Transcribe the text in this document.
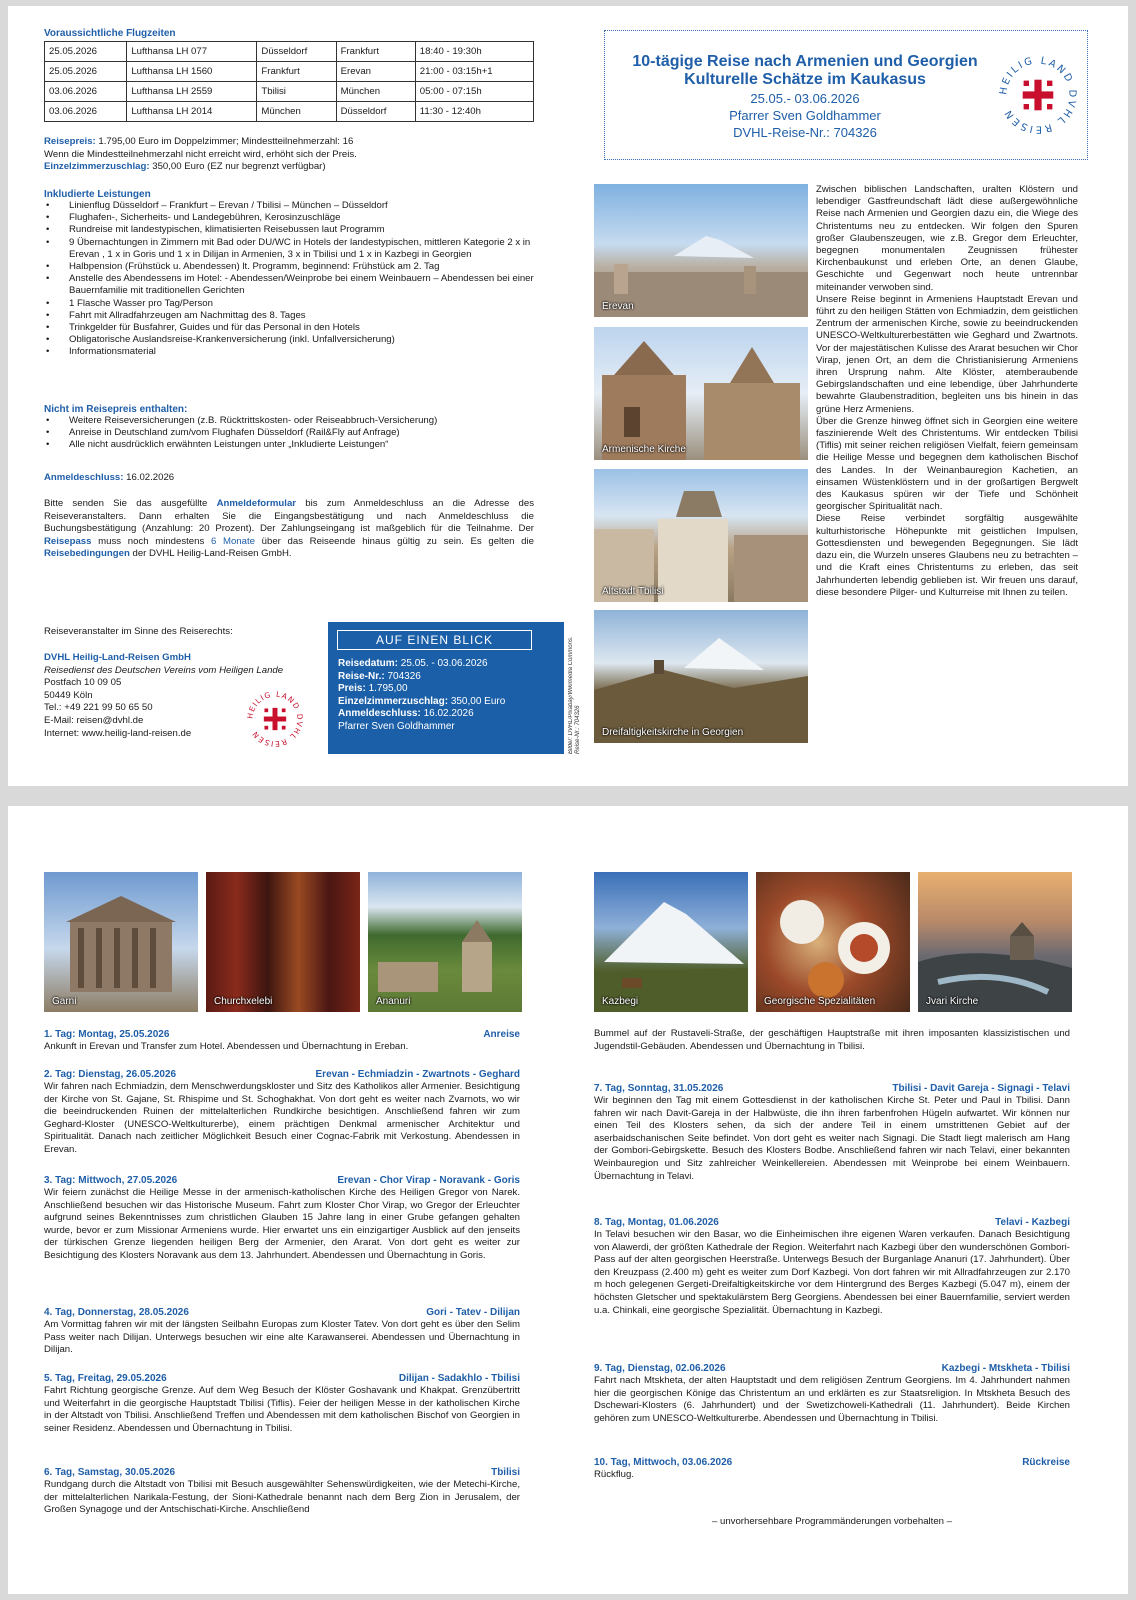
Voraussichtliche Flugzeiten
25.05.2026	Lufthansa LH 077	Düsseldorf	Frankfurt	18:40 - 19:30h
25.05.2026	Lufthansa LH 1560	Frankfurt	Erevan	21:00 - 03:15h+1
03.06.2026	Lufthansa LH 2559	Tbilisi	München	05:00 - 07:15h
03.06.2026	Lufthansa LH 2014	München	Düsseldorf	11:30 - 12:40h
Reisepreis: 1.795,00 Euro im Doppelzimmer; Mindestteilnehmerzahl: 16
Wenn die Mindestteilnehmerzahl nicht erreicht wird, erhöht sich der Preis.
Einzelzimmerzuschlag: 350,00 Euro (EZ nur begrenzt verfügbar)
Inkludierte Leistungen
• Linienflug Düsseldorf – Frankfurt – Erevan / Tbilisi – München – Düsseldorf
• Flughafen-, Sicherheits- und Landegebühren, Kerosinzuschläge
• Rundreise mit landestypischen, klimatisierten Reisebussen laut Programm
• 9 Übernachtungen in Zimmern mit Bad oder DU/WC in Hotels der landestypischen, mittleren Kategorie 2 x in Erevan , 1 x in Goris und 1 x in Dilijan in Armenien, 3 x in Tbilisi und 1 x in Kazbegi in Georgien
• Halbpension (Frühstück u. Abendessen) lt. Programm, beginnend: Frühstück am 2. Tag
• Anstelle des Abendessens im Hotel: - Abendessen/Weinprobe bei einem Weinbauern – Abendessen bei einer Bauernfamilie mit traditionellen Gerichten
• 1 Flasche Wasser pro Tag/Person
• Fahrt mit Allradfahrzeugen am Nachmittag des 8. Tages
• Trinkgelder für Busfahrer, Guides und für das Personal in den Hotels
• Obligatorische Auslandsreise-Krankenversicherung (inkl. Unfallversicherung)
• Informationsmaterial
Nicht im Reisepreis enthalten:
• Weitere Reiseversicherungen (z.B. Rücktrittskosten- oder Reiseabbruch-Versicherung)
• Anreise in Deutschland zum/vom Flughafen Düsseldorf (Rail&Fly auf Anfrage)
• Alle nicht ausdrücklich erwähnten Leistungen unter „Inkludierte Leistungen“
Anmeldeschluss: 16.02.2026
Bitte senden Sie das ausgefüllte Anmeldeformular bis zum Anmeldeschluss an die Adresse des Reiseveranstalters. Dann erhalten Sie die Eingangsbestätigung und nach Anmeldeschluss die Buchungsbestätigung (Anzahlung: 20 Prozent). Der Zahlungseingang ist maßgeblich für die Teilnahme. Der Reisepass muss noch mindestens 6 Monate über das Reiseende hinaus gültig zu sein. Es gelten die Reisebedingungen der DVHL Heilig-Land-Reisen GmbH.
Reiseveranstalter im Sinne des Reiserechts:
DVHL Heilig-Land-Reisen GmbH
Reisedienst des Deutschen Vereins vom Heiligen Lande
Postfach 10 09 05
50449 Köln
Tel.: +49 221 99 50 65 50
E-Mail: reisen@dvhl.de
Internet: www.heilig-land-reisen.de
HEILIG LAND DVHL REISEN
AUF EINEN BLICK
Reisedatum: 25.05. - 03.06.2026
Reise-Nr.: 704326
Preis: 1.795,00
Einzelzimmerzuschlag: 350,00 Euro
Anmeldeschluss: 16.02.2026
Pfarrer Sven Goldhammer	Bilder: DVHL/Pixabay/Wikimedia Commons. Reise-Nr.: 704326
10-tägige Reise nach Armenien und Georgien
Kulturelle Schätze im Kaukasus
25.05.- 03.06.2026
Pfarrer Sven Goldhammer
DVHL-Reise-Nr.: 704326
HEILIG LAND DVHL REISEN
Erevan
Armenische Kirche
Altstadt Tbilisi
Dreifaltigkeitskirche in Georgien
Zwischen biblischen Landschaften, uralten Klöstern und lebendiger Gastfreundschaft lädt diese außergewöhnliche Reise nach Armenien und Georgien dazu ein, die Wiege des Christentums neu zu entdecken. Wir folgen den Spuren großer Glaubenszeugen, wie z.B. Gregor dem Erleuchter, begegnen monumentalen Zeugnissen frühester Kirchenbaukunst und erleben Orte, an denen Glaube, Geschichte und Gegenwart noch heute untrennbar miteinander verwoben sind.
Unsere Reise beginnt in Armeniens Hauptstadt Erevan und führt zu den heiligen Stätten von Echmiadzin, dem geistlichen Zentrum der armenischen Kirche, sowie zu beeindruckenden UNESCO-Weltkulturerbestätten wie Geghard und Zwartnots. Vor der majestätischen Kulisse des Ararat besuchen wir Chor Virap, jenen Ort, an dem die Christianisierung Armeniens ihren Ursprung nahm. Alte Klöster, atemberaubende Gebirgslandschaften und eine lebendige, über Jahrhunderte bewahrte Glaubenstradition, begleiten uns bis hinein in das grüne Herz Armeniens.
Über die Grenze hinweg öffnet sich in Georgien eine weitere faszinierende Welt des Christentums. Wir entdecken Tbilisi (Tiflis) mit seiner reichen religiösen Vielfalt, feiern gemeinsam die Heilige Messe und begegnen dem katholischen Bischof des Landes. In der Weinanbauregion Kachetien, an einsamen Wüstenklöstern und in der großartigen Bergwelt des Kaukasus spüren wir der Tiefe und Schönheit georgischer Spiritualität nach.
Diese Reise verbindet sorgfältig ausgewählte kulturhistorische Höhepunkte mit geistlichen Impulsen, Gottesdiensten und bewegenden Begegnungen. Sie lädt dazu ein, die Wurzeln unseres Glaubens neu zu betrachten – und die Kraft eines Christentums zu erleben, das seit Jahrhunderten lebendig geblieben ist. Wir freuen uns darauf, diese besondere Pilger- und Kulturreise mit Ihnen zu teilen.
Garni	Churchxelebi	Ananuri	Kazbegi	Georgische Spezialitäten	Jvari Kirche
1. Tag: Montag, 25.05.2026	Anreise
Ankunft in Erevan und Transfer zum Hotel. Abendessen und Übernachtung in Ereban.
2. Tag: Dienstag, 26.05.2026	Erevan - Echmiadzin - Zwartnots - Geghard
Wir fahren nach Echmiadzin, dem Menschwerdungskloster und Sitz des Katholikos aller Armenier. Besichtigung der Kirche von St. Gajane, St. Rhispime und St. Schoghakhat. Von dort geht es weiter nach Zvarnots, wo wir die beeindruckenden Ruinen der mittelalterlichen Rundkirche besichtigen. Anschließend fahren wir zum Geghard-Kloster (UNESCO-Weltkulturerbe), einem prächtigen Denkmal armenischer Architektur und Spiritualität. Danach nach zeitlicher Möglichkeit Besuch einer Cognac-Fabrik mit Verkostung. Abendessen in Erevan.
3. Tag: Mittwoch, 27.05.2026	Erevan - Chor Virap - Noravank - Goris
Wir feiern zunächst die Heilige Messe in der armenisch-katholischen Kirche des Heiligen Gregor von Narek. Anschließend besuchen wir das Historische Museum. Fahrt zum Kloster Chor Virap, wo Gregor der Erleuchter aufgrund seines Bekenntnisses zum christlichen Glauben 15 Jahre lang in einer Grube gefangen gehalten wurde, bevor er zum Missionar Armeniens wurde. Hier erwartet uns ein einzigartiger Ausblick auf den jenseits der türkischen Grenze liegenden heiligen Berg der Armenier, den Ararat. Von dort geht es weiter zur Besichtigung des Klosters Noravank aus dem 13. Jahrhundert. Abendessen und Übernachtung in Goris.
4. Tag, Donnerstag, 28.05.2026	Gori - Tatev - Dilijan
Am Vormittag fahren wir mit der längsten Seilbahn Europas zum Kloster Tatev. Von dort geht es über den Selim Pass weiter nach Dilijan. Unterwegs besuchen wir eine alte Karawanserei. Abendessen und Übernachtung in Dilijan.
5. Tag, Freitag, 29.05.2026	Dilijan - Sadakhlo - Tbilisi
Fahrt Richtung georgische Grenze. Auf dem Weg Besuch der Klöster Goshavank und Khakpat. Grenzübertritt und Weiterfahrt in die georgische Hauptstadt Tbilisi (Tiflis). Feier der heiligen Messe in der katholischen Kirche in der Altstadt von Tbilisi. Anschließend Treffen und Abendessen mit dem katholischen Bischof von Georgien in seiner Residenz. Abendessen und Übernachtung in Tbilisi.
6. Tag, Samstag, 30.05.2026	Tbilisi
Rundgang durch die Altstadt von Tbilisi mit Besuch ausgewählter Sehenswürdigkeiten, wie der Metechi-Kirche, der mittelalterlichen Narikala-Festung, der Sioni-Kathedrale benannt nach dem Berg Zion in Jerusalem, der Großen Synagoge und der Antschischati-Kirche. Anschließend
Bummel auf der Rustaveli-Straße, der geschäftigen Hauptstraße mit ihren imposanten klassizistischen und Jugendstil-Gebäuden. Abendessen und Übernachtung in Tbilisi.
7. Tag, Sonntag, 31.05.2026	Tbilisi - Davit Gareja - Signagi - Telavi
Wir beginnen den Tag mit einem Gottesdienst in der katholischen Kirche St. Peter und Paul in Tbilisi. Dann fahren wir nach Davit-Gareja in der Halbwüste, die ihn ihren farbenfrohen Hügeln aufwartet. Wir können nur einen Teil des Klosters sehen, da sich der andere Teil in einem umstrittenen Gebiet auf der aserbaidschanischen Seite befindet. Von dort geht es weiter nach Signagi. Die Stadt liegt malerisch am Hang der Gombori-Gebirgskette. Besuch des Klosters Bodbe. Anschließend fahren wir nach Telavi, einer bekannten Weinbauregion und Sitz zahlreicher Weinkellereien. Abendessen mit Weinprobe bei einem Weinbauern. Übernachtung in Telavi.
8. Tag, Montag, 01.06.2026	Telavi - Kazbegi
In Telavi besuchen wir den Basar, wo die Einheimischen ihre eigenen Waren verkaufen. Danach Besichtigung von Alawerdi, der größten Kathedrale der Region. Weiterfahrt nach Kazbegi über den wunderschönen Gombori-Pass auf der alten georgischen Heerstraße. Unterwegs Besuch der Burganlage Ananuri (17. Jahrhundert). Über den Kreuzpass (2.400 m) geht es weiter zum Dorf Kazbegi. Von dort fahren wir mit Allradfahrzeugen zur 2.170 m hoch gelegenen Gergeti-Dreifaltigkeitskirche vor dem Hintergrund des Berges Kazbegi (5.047 m), einem der höchsten Gletscher und spektakulärstem Berg Georgiens. Abendessen bei einer Bauernfamilie, serviert werden u.a. Chinkali, eine georgische Spezialität. Übernachtung in Kazbegi.
9. Tag, Dienstag, 02.06.2026	Kazbegi - Mtskheta - Tbilisi
Fahrt nach Mtskheta, der alten Hauptstadt und dem religiösen Zentrum Georgiens. Im 4. Jahrhundert nahmen hier die georgischen Könige das Christentum an und erklärten es zur Staatsreligion. In Mtskheta Besuch des Dschewari-Klosters (6. Jahrhundert) und der Swetizchoweli-Kathedrali (11. Jahrhundert). Beide Kirchen gehören zum UNESCO-Weltkulturerbe. Abendessen und Übernachtung in Tbilisi.
10. Tag, Mittwoch, 03.06.2026	Rückreise
Rückflug.
– unvorhersehbare Programmänderungen vorbehalten –
